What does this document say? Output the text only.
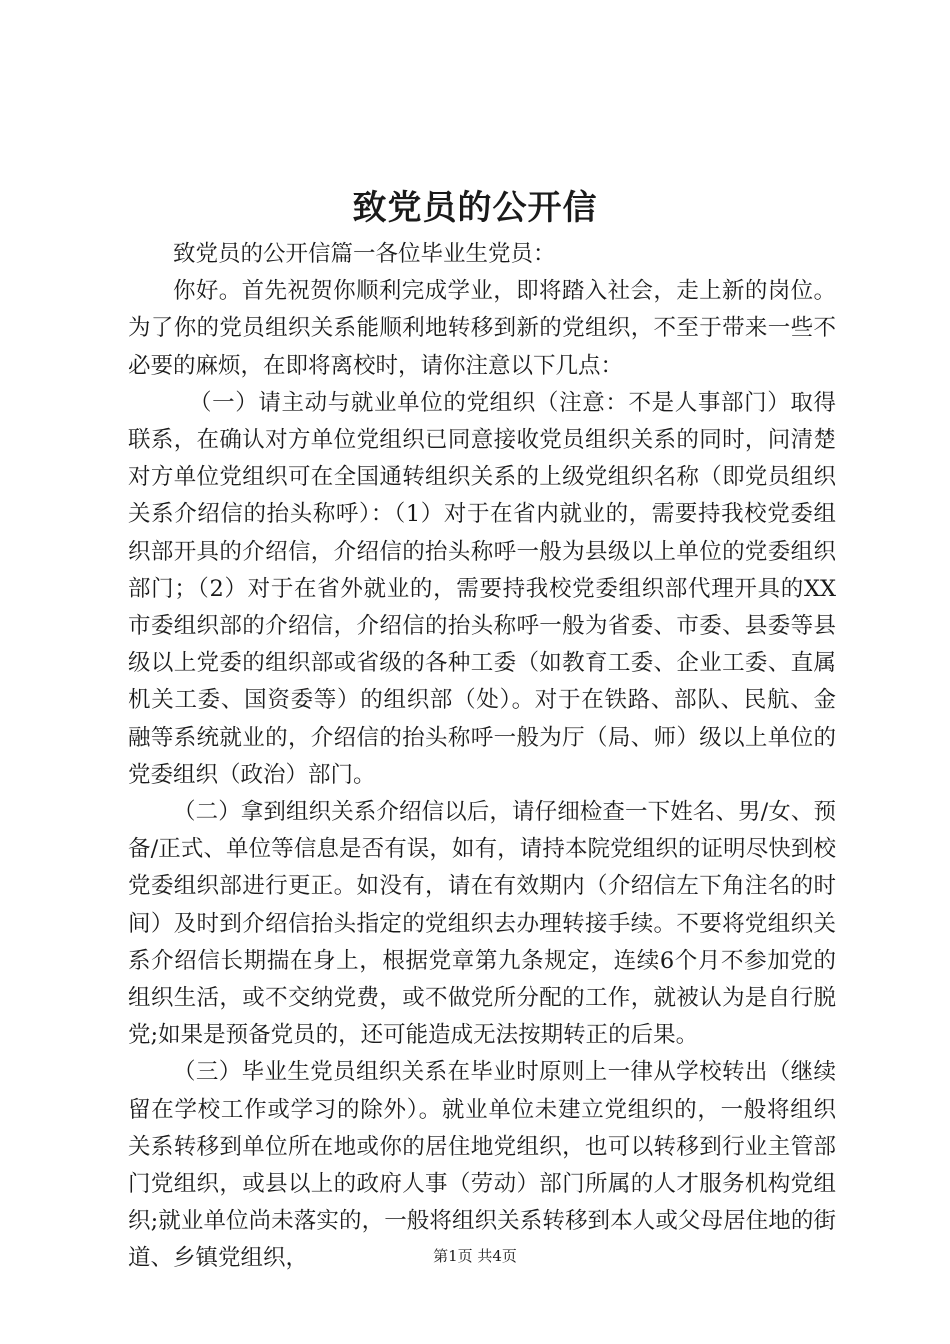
致党员的公开信

致党员的公开信篇一各位毕业生党员：

你好。首先祝贺你顺利完成学业，即将踏入社会，走上新的岗位。为了你的党员组织关系能顺利地转移到新的党组织，不至于带来一些不必要的麻烦，在即将离校时，请你注意以下几点：

（一）请主动与就业单位的党组织（注意：不是人事部门）取得联系，在确认对方单位党组织已同意接收党员组织关系的同时，问清楚对方单位党组织可在全国通转组织关系的上级党组织名称（即党员组织关系介绍信的抬头称呼）：（1）对于在省内就业的，需要持我校党委组织部开具的介绍信，介绍信的抬头称呼一般为县级以上单位的党委组织部门；（2）对于在省外就业的，需要持我校党委组织部代理开具的XX市委组织部的介绍信，介绍信的抬头称呼一般为省委、市委、县委等县级以上党委的组织部或省级的各种工委（如教育工委、企业工委、直属机关工委、国资委等）的组织部（处）。对于在铁路、部队、民航、金融等系统就业的，介绍信的抬头称呼一般为厅（局、师）级以上单位的党委组织（政治）部门。

（二）拿到组织关系介绍信以后，请仔细检查一下姓名、男/女、预备/正式、单位等信息是否有误，如有，请持本院党组织的证明尽快到校党委组织部进行更正。如没有，请在有效期内（介绍信左下角注名的时间）及时到介绍信抬头指定的党组织去办理转接手续。不要将党组织关系介绍信长期揣在身上，根据党章第九条规定，连续6个月不参加党的组织生活，或不交纳党费，或不做党所分配的工作，就被认为是自行脱党;如果是预备党员的，还可能造成无法按期转正的后果。

（三）毕业生党员组织关系在毕业时原则上一律从学校转出（继续留在学校工作或学习的除外）。就业单位未建立党组织的，一般将组织关系转移到单位所在地或你的居住地党组织，也可以转移到行业主管部门党组织，或县以上的政府人事（劳动）部门所属的人才服务机构党组织;就业单位尚未落实的，一般将组织关系转移到本人或父母居住地的街道、乡镇党组织，	第1页 共4页
